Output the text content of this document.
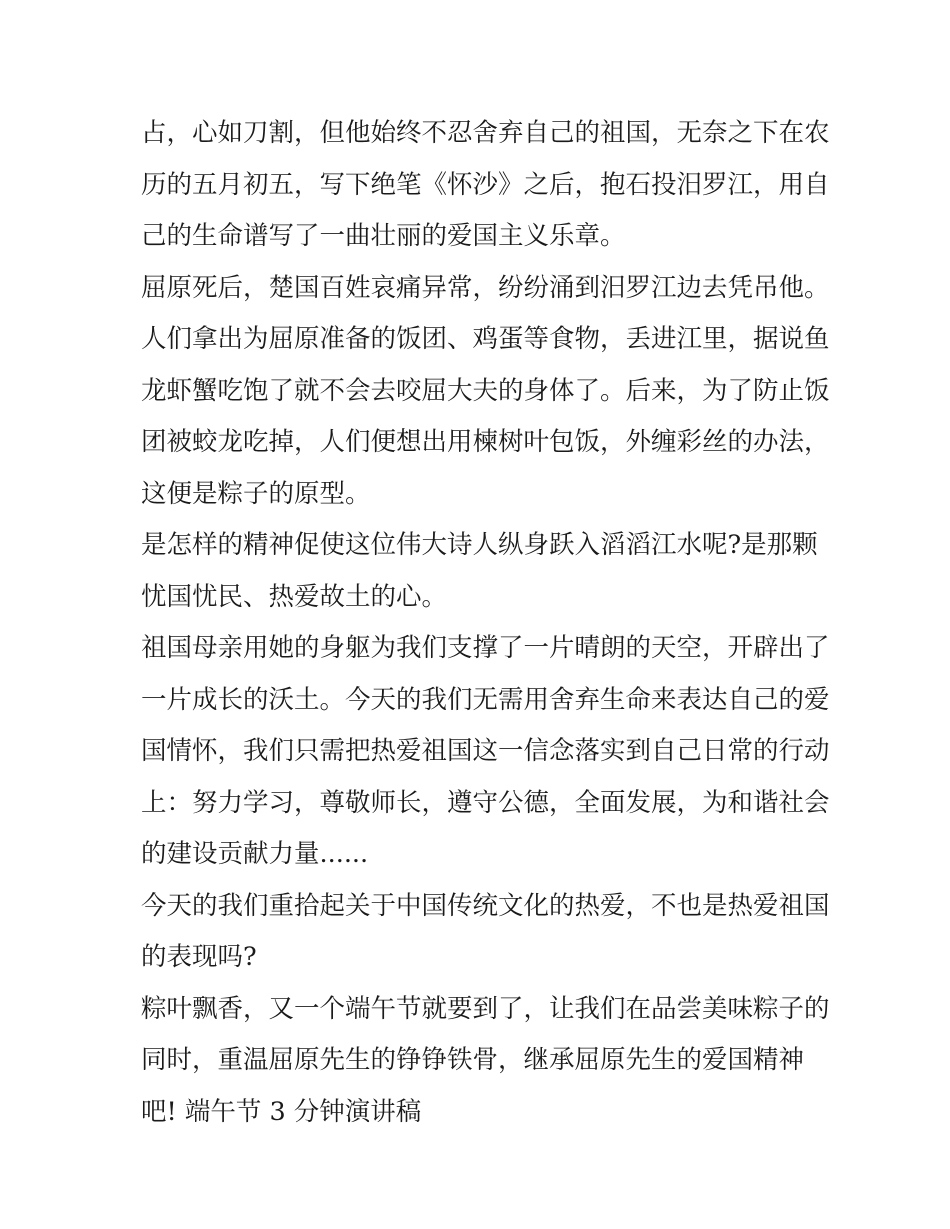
占，心如刀割，但他始终不忍舍弃自己的祖国，无奈之下在农
历的五月初五，写下绝笔《怀沙》之后，抱石投汨罗江，用自
己的生命谱写了一曲壮丽的爱国主义乐章。
屈原死后，楚国百姓哀痛异常，纷纷涌到汨罗江边去凭吊他。
人们拿出为屈原准备的饭团、鸡蛋等食物，丢进江里，据说鱼
龙虾蟹吃饱了就不会去咬屈大夫的身体了。后来，为了防止饭
团被蛟龙吃掉，人们便想出用楝树叶包饭，外缠彩丝的办法，
这便是粽子的原型。
是怎样的精神促使这位伟大诗人纵身跃入滔滔江水呢?是那颗
忧国忧民、热爱故土的心。
祖国母亲用她的身躯为我们支撑了一片晴朗的天空，开辟出了
一片成长的沃土。今天的我们无需用舍弃生命来表达自己的爱
国情怀，我们只需把热爱祖国这一信念落实到自己日常的行动
上：努力学习，尊敬师长，遵守公德，全面发展，为和谐社会
的建设贡献力量......
今天的我们重拾起关于中国传统文化的热爱，不也是热爱祖国
的表现吗?
粽叶飘香，又一个端午节就要到了，让我们在品尝美味粽子的
同时，重温屈原先生的铮铮铁骨，继承屈原先生的爱国精神
吧! 端午节 3 分钟演讲稿
